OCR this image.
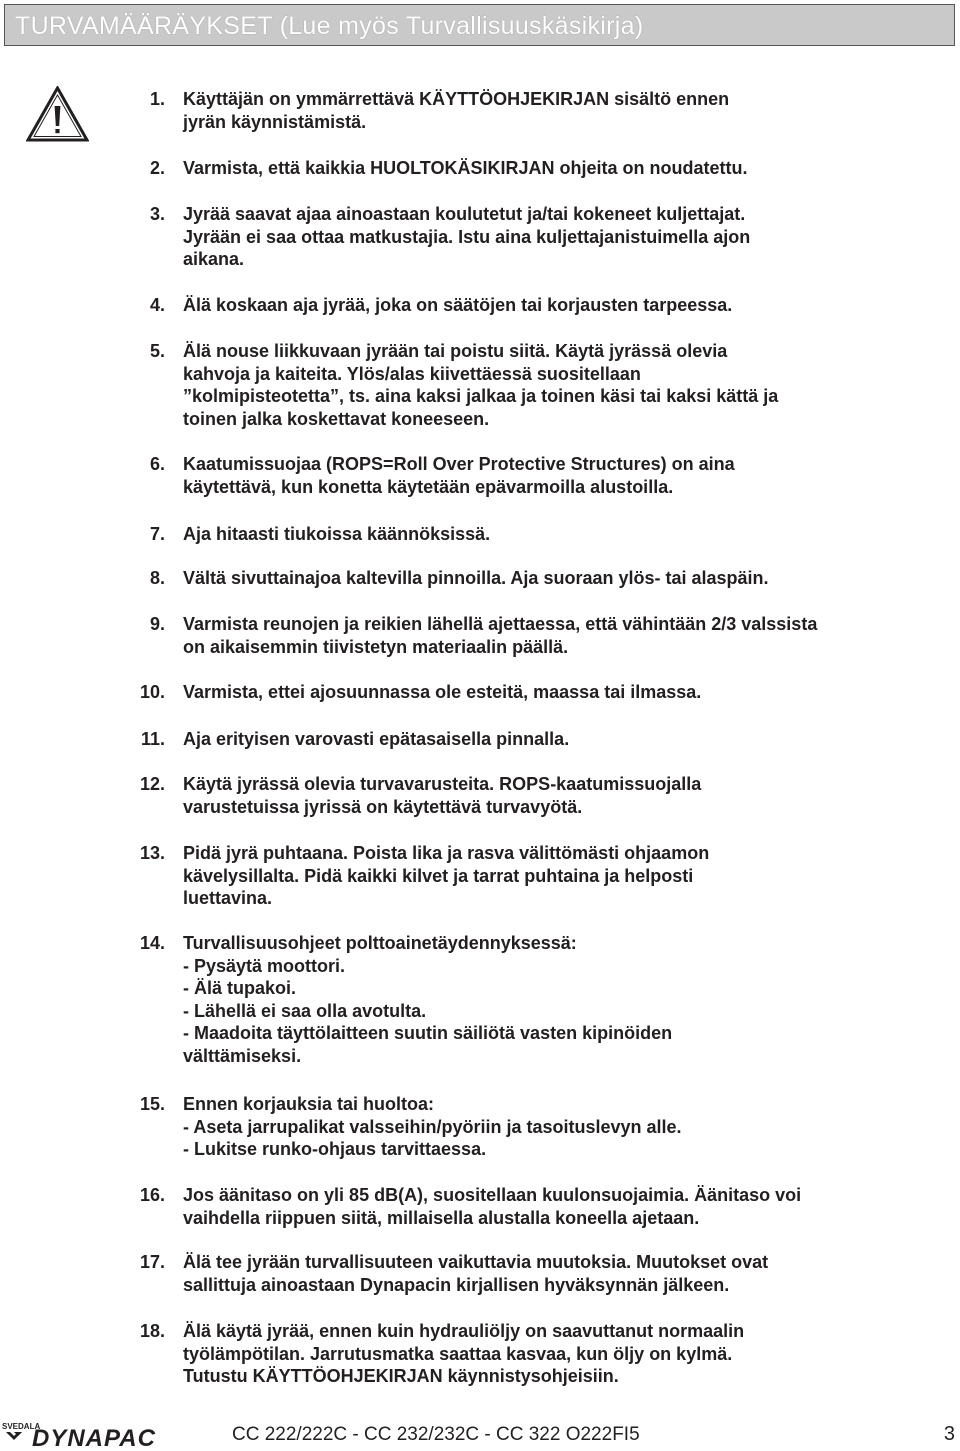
TURVAMÄÄRÄYKSET (Lue myös Turvallisuuskäsikirja)
1. Käyttäjän on ymmärrettävä KÄYTTÖOHJEKIRJAN sisältö ennen
jyrän käynnistämistä.
2. Varmista, että kaikkia HUOLTOKÄSIKIRJAN ohjeita on noudatettu.
3. Jyrää saavat ajaa ainoastaan koulutetut ja/tai kokeneet kuljettajat.
Jyrään ei saa ottaa matkustajia. Istu aina kuljettajanistuimella ajon
aikana.
4. Älä koskaan aja jyrää, joka on säätöjen tai korjausten tarpeessa.
5. Älä nouse liikkuvaan jyrään tai poistu siitä. Käytä jyrässä olevia
kahvoja ja kaiteita. Ylös/alas kiivettäessä suositellaan
”kolmipisteotetta”, ts. aina kaksi jalkaa ja toinen käsi tai kaksi kättä ja
toinen jalka koskettavat koneeseen.
6. Kaatumissuojaa (ROPS=Roll Over Protective Structures) on aina
käytettävä, kun konetta käytetään epävarmoilla alustoilla.
7. Aja hitaasti tiukoissa käännöksissä.
8. Vältä sivuttainajoa kaltevilla pinnoilla. Aja suoraan ylös- tai alaspäin.
9. Varmista reunojen ja reikien lähellä ajettaessa, että vähintään 2/3 valssista
on aikaisemmin tiivistetyn materiaalin päällä.
10. Varmista, ettei ajosuunnassa ole esteitä, maassa tai ilmassa.
11. Aja erityisen varovasti epätasaisella pinnalla.
12. Käytä jyrässä olevia turvavarusteita. ROPS-kaatumissuojalla
varustetuissa jyrissä on käytettävä turvavyötä.
13. Pidä jyrä puhtaana. Poista lika ja rasva välittömästi ohjaamon
kävelysillalta. Pidä kaikki kilvet ja tarrat puhtaina ja helposti
luettavina.
14. Turvallisuusohjeet polttoainetäydennyksessä:
- Pysäytä moottori.
- Älä tupakoi.
- Lähellä ei saa olla avotulta.
- Maadoita täyttölaitteen suutin säiliötä vasten kipinöiden
välttämiseksi.
15. Ennen korjauksia tai huoltoa:
- Aseta jarrupalikat valsseihin/pyöriin ja tasoituslevyn alle.
- Lukitse runko-ohjaus tarvittaessa.
16. Jos äänitaso on yli 85 dB(A), suositellaan kuulonsuojaimia. Äänitaso voi
vaihdella riippuen siitä, millaisella alustalla koneella ajetaan.
17. Älä tee jyrään turvallisuuteen vaikuttavia muutoksia. Muutokset ovat
sallittuja ainoastaan Dynapacin kirjallisen hyväksynnän jälkeen.
18. Älä käytä jyrää, ennen kuin hydrauliöljy on saavuttanut normaalin
työlämpötilan. Jarrutusmatka saattaa kasvaa, kun öljy on kylmä.
Tutustu KÄYTTÖOHJEKIRJAN käynnistysohjeisiin.
SVEDALA
DYNAPAC	CC 222/222C - CC 232/232C - CC 322 O222FI5	3
